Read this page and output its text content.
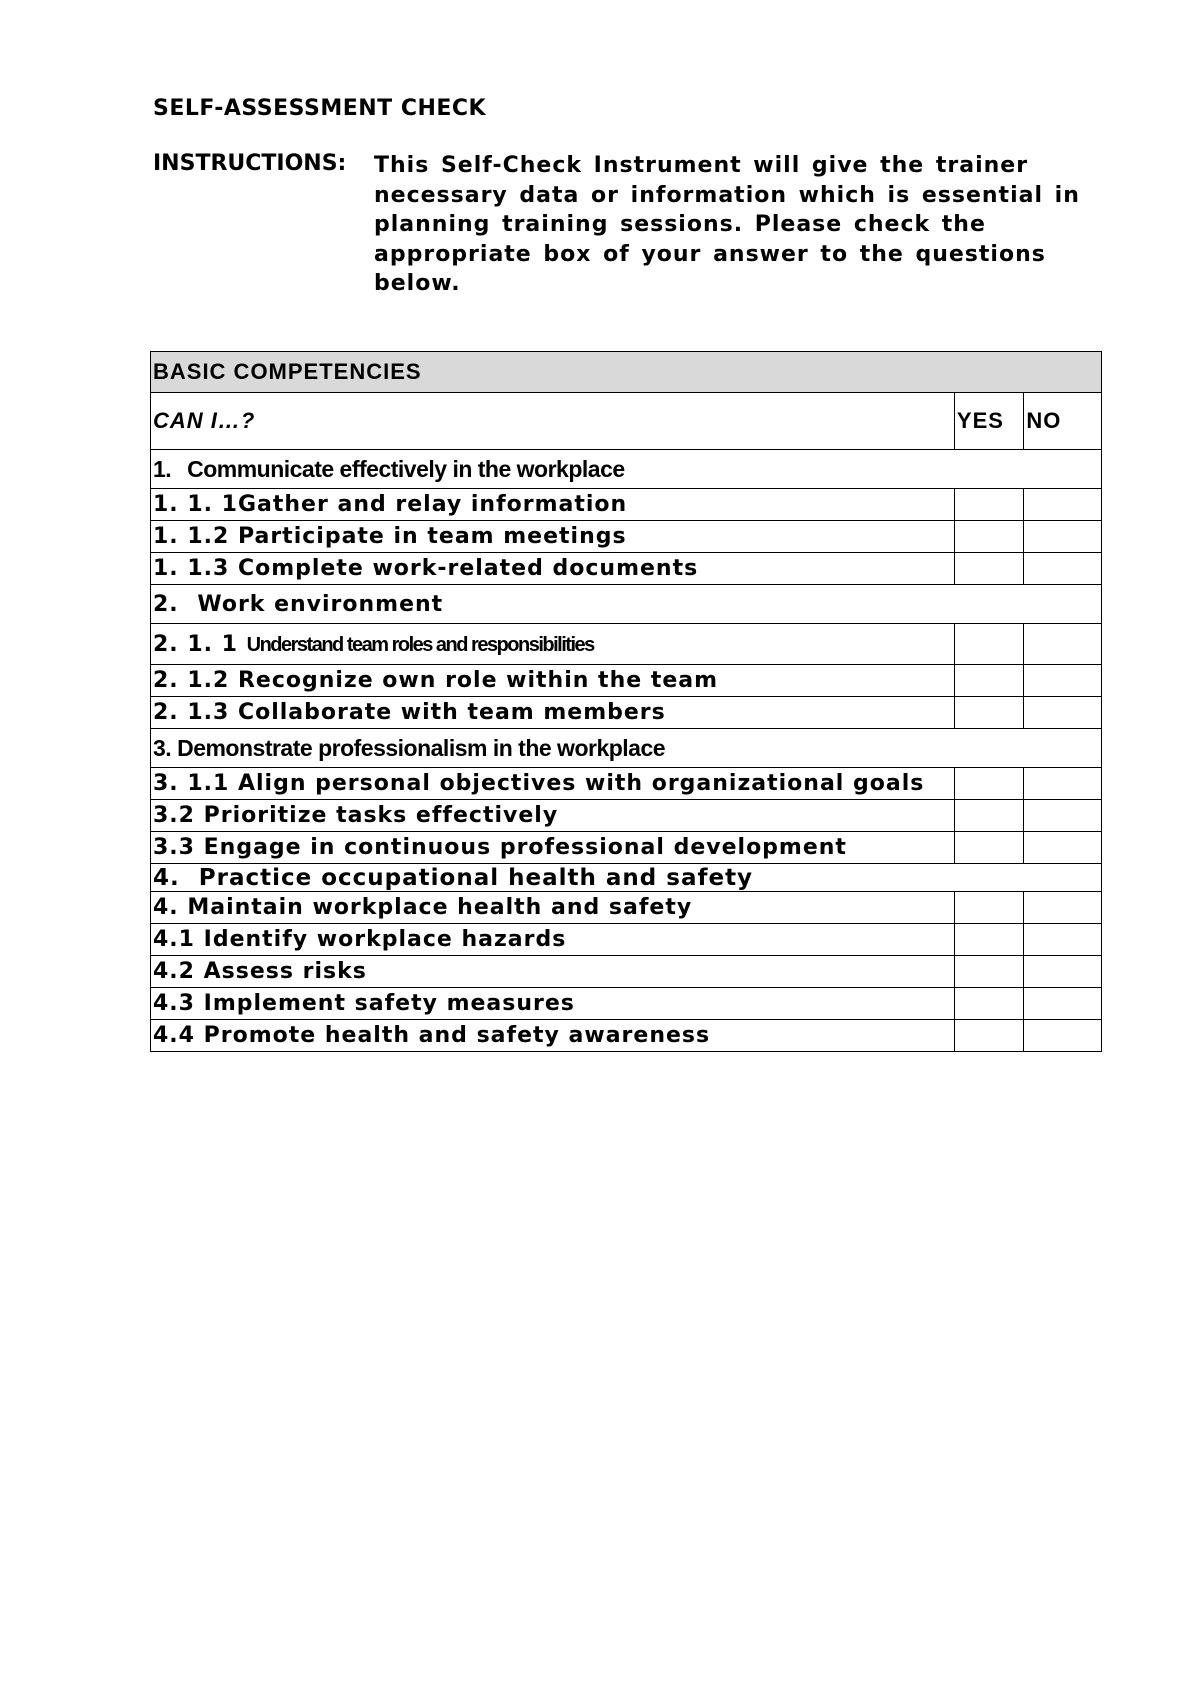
SELF-ASSESSMENT CHECK
INSTRUCTIONS: This Self-Check Instrument will give the trainer necessary data or information which is essential in planning training sessions. Please check the appropriate box of your answer to the questions below.

BASIC COMPETENCIES		
CAN I…?	YES	NO
1. Communicate effectively in the workplace		
1. 1. 1Gather and relay information		
1. 1.2 Participate in team meetings		
1. 1.3 Complete work-related documents		
2. Work environment		
2. 1. 1 Understand team roles and responsibilities		
2. 1.2 Recognize own role within the team		
2. 1.3 Collaborate with team members		
3. Demonstrate professionalism in the workplace		
3. 1.1 Align personal objectives with organizational goals		
3.2 Prioritize tasks effectively		
3.3 Engage in continuous professional development		
4. Practice occupational health and safety		
4. Maintain workplace health and safety		
4.1 Identify workplace hazards		
4.2 Assess risks		
4.3 Implement safety measures		
4.4 Promote health and safety awareness		
